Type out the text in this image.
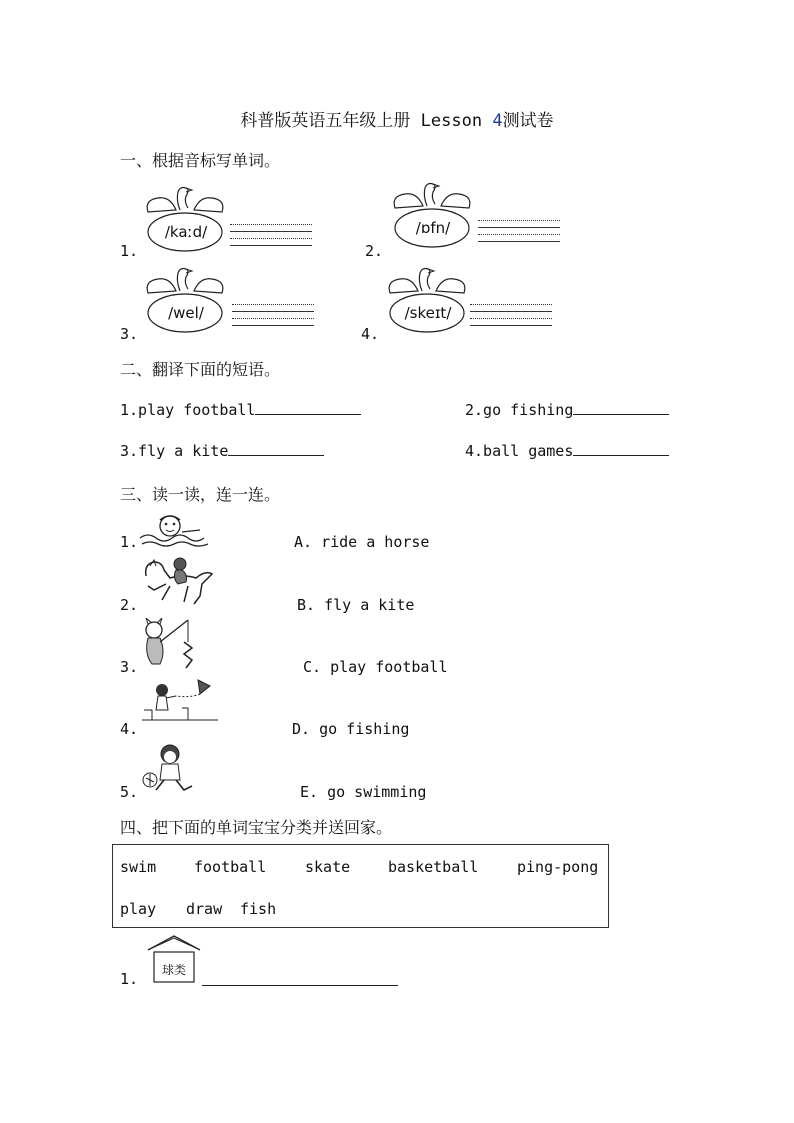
科普版英语五年级上册 Lesson 4测试卷
一、根据音标写单词。
1.
/kaːd/
2.
/ɒfn/
3.
/wel/
4.
/skeɪt/
二、翻译下面的短语。
1.play football	2.go fishing
3.fly a kite	4.ball games
三、读一读，连一连。
1.	A. ride a horse
2.	B. fly a kite
3.	C. play football
4.	D. go fishing
5.	E. go swimming
四、把下面的单词宝宝分类并送回家。
swim	football	skate	basketball	ping-pong
play draw fish
1.	球类
